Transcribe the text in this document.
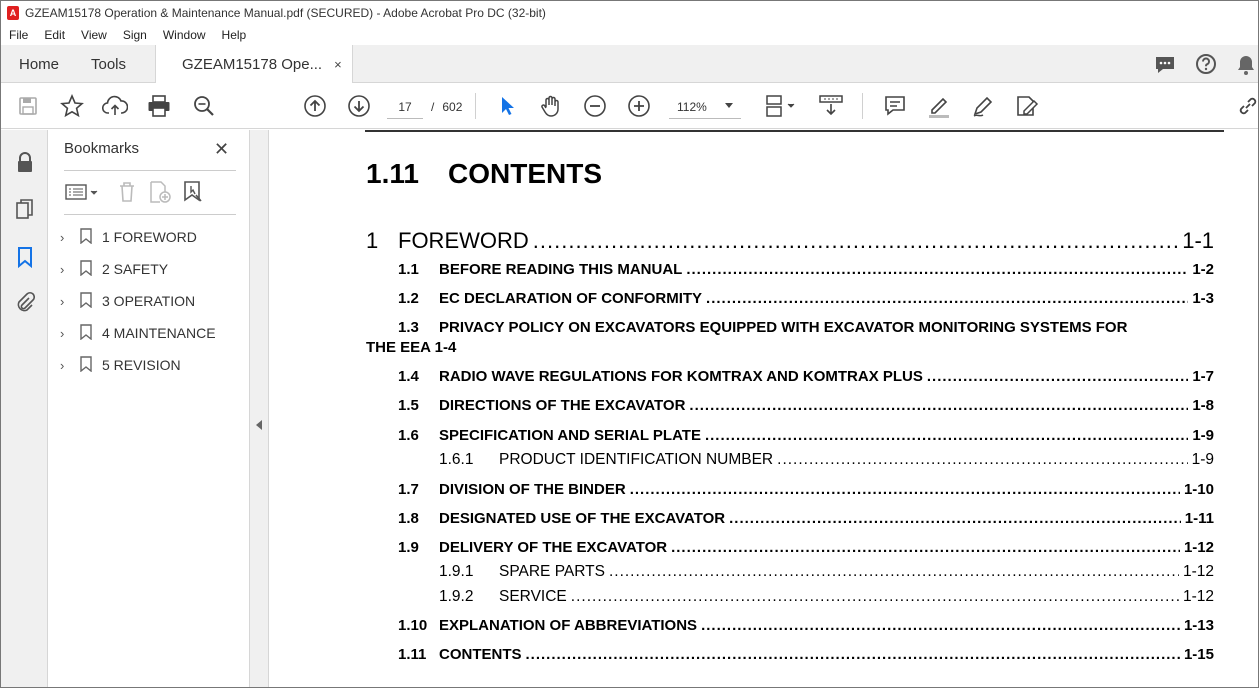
A GZEAM15178 Operation & Maintenance Manual.pdf (SECURED) - Adobe Acrobat Pro DC (32-bit)
File	Edit	View	Sign	Window	Help
Home Tools	GZEAM15178 Ope... ×
17	/ 602	112%
Bookmarks	✕
›	1 FOREWORD
›	2 SAFETY
›	3 OPERATION
›	4 MAINTENANCE
›	5 REVISION
1.11 CONTENTS
1 FOREWORD .....	1-1
1.1	BEFORE READING THIS MANUAL .....	1-2
1.2	EC DECLARATION OF CONFORMITY .....	1-3
1.3 PRIVACY POLICY ON EXCAVATORS EQUIPPED WITH EXCAVATOR MONITORING SYSTEMS FOR
THE EEA 1-4
1.4	RADIO WAVE REGULATIONS FOR KOMTRAX AND KOMTRAX PLUS .....	1-7
1.5	DIRECTIONS OF THE EXCAVATOR .....	1-8
1.6	SPECIFICATION AND SERIAL PLATE .....	1-9
1.6.1	PRODUCT IDENTIFICATION NUMBER .....	1-9
1.7	DIVISION OF THE BINDER .....	1-10
1.8	DESIGNATED USE OF THE EXCAVATOR .....	1-11
1.9	DELIVERY OF THE EXCAVATOR .....	1-12
1.9.1	SPARE PARTS .....	1-12
1.9.2	SERVICE .....	1-12
1.10 EXPLANATION OF ABBREVIATIONS .....	1-13
1.11 CONTENTS .....	1-15
